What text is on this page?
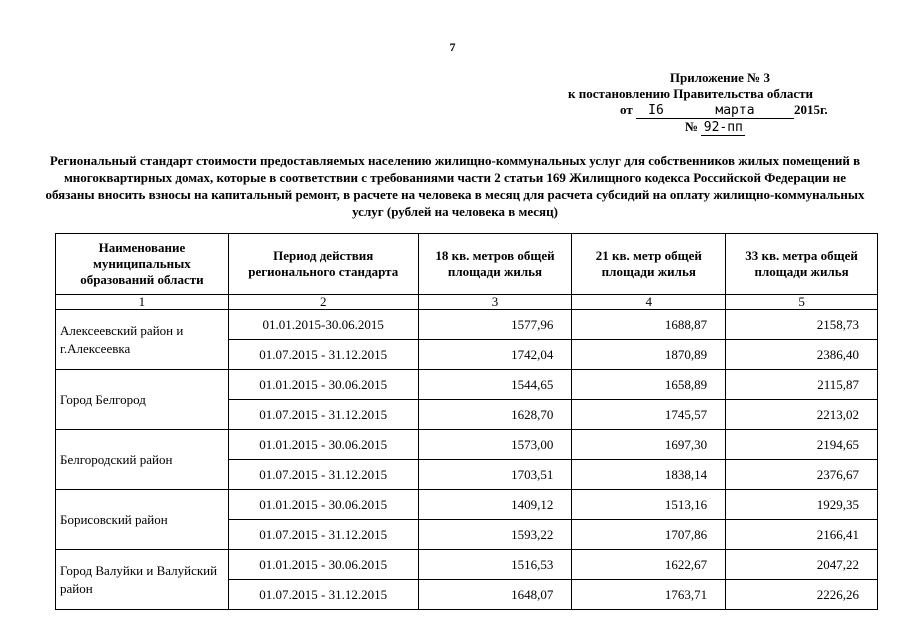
7
Приложение № 3
к постановлению Правительства области
от I6	марта	2015г.
№ 92-пп
Региональный стандарт стоимости предоставляемых населению жилищно-коммунальных услуг для собственников жилых помещений в многоквартирных домах, которые в соответствии с требованиями части 2 статьи 169 Жилищного кодекса Российской Федерации не обязаны вносить взносы на капитальный ремонт, в расчете на человека в месяц для расчета субсидий на оплату жилищно-коммунальных услуг (рублей на человека в месяц)
Наименование муниципальных образований области	Период действия регионального стандарта	18 кв. метров общей площади жилья	21 кв. метр общей площади жилья	33 кв. метра общей площади жилья
1	2	3	4	5
Алексеевский район и г.Алексеевка	01.01.2015-30.06.2015	1577,96	1688,87	2158,73
	01.07.2015 - 31.12.2015	1742,04	1870,89	2386,40
Город Белгород	01.01.2015 - 30.06.2015	1544,65	1658,89	2115,87
	01.07.2015 - 31.12.2015	1628,70	1745,57	2213,02
Белгородский район	01.01.2015 - 30.06.2015	1573,00	1697,30	2194,65
	01.07.2015 - 31.12.2015	1703,51	1838,14	2376,67
Борисовский район	01.01.2015 - 30.06.2015	1409,12	1513,16	1929,35
	01.07.2015 - 31.12.2015	1593,22	1707,86	2166,41
Город Валуйки и Валуйский район	01.01.2015 - 30.06.2015	1516,53	1622,67	2047,22
	01.07.2015 - 31.12.2015	1648,07	1763,71	2226,26
